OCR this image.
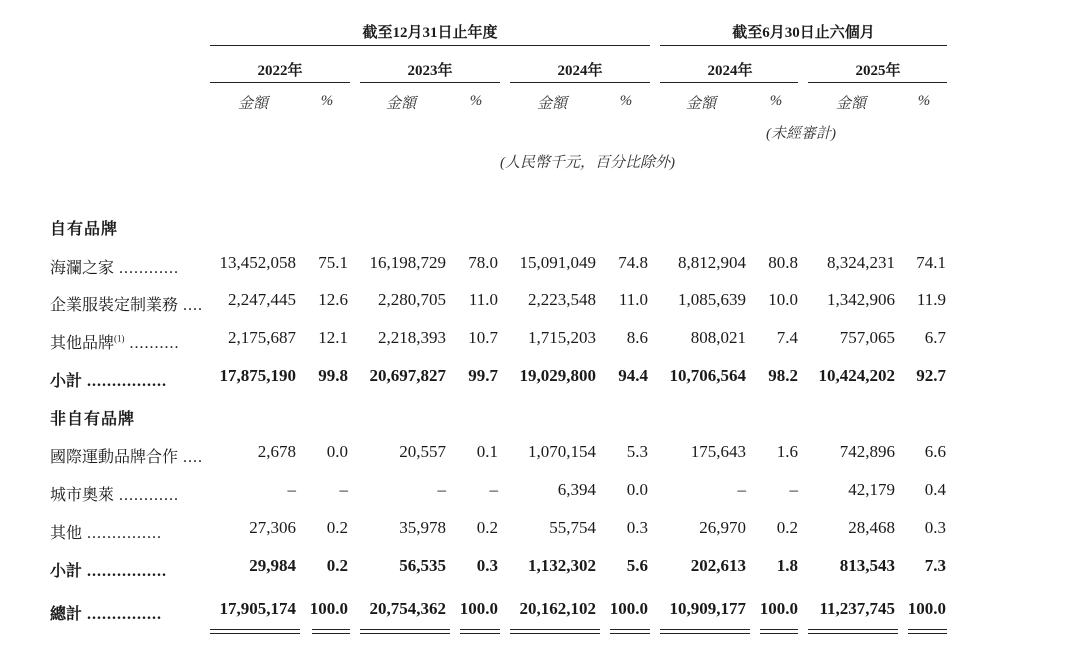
截至12月31日止年度	截至6月30日止六個月
2022年	2023年	2024年	2024年	2025年
金額	%	金額	%	金額	%	金額	%	金額	%
(未經審計)
(人民幣千元，百分比除外)
自有品牌
非自有品牌
海瀾之家 ............	13,452,058	75.1	16,198,729	78.0	15,091,049	74.8	8,812,904	80.8	8,324,231	74.1
企業服裝定制業務 ....	2,247,445	12.6	2,280,705	11.0	2,223,548	11.0	1,085,639	10.0	1,342,906	11.9
其他品牌$^{(1)}$ ..........	2,175,687	12.1	2,218,393	10.7	1,715,203	8.6	808,021	7.4	757,065	6.7
小計 ................	17,875,190	99.8	20,697,827	99.7	19,029,800	94.4	10,706,564	98.2	10,424,202	92.7
國際運動品牌合作 ....	2,678	0.0	20,557	0.1	1,070,154	5.3	175,643	1.6	742,896	6.6
城市奧萊 ............	–	–	–	–	6,394	0.0	–	–	42,179	0.4
其他 ...............	27,306	0.2	35,978	0.2	55,754	0.3	26,970	0.2	28,468	0.3
小計 ................	29,984	0.2	56,535	0.3	1,132,302	5.6	202,613	1.8	813,543	7.3
總計 ...............	17,905,174 100.0	20,754,362 100.0	20,162,102 100.0	10,909,177 100.0	11,237,745 100.0
